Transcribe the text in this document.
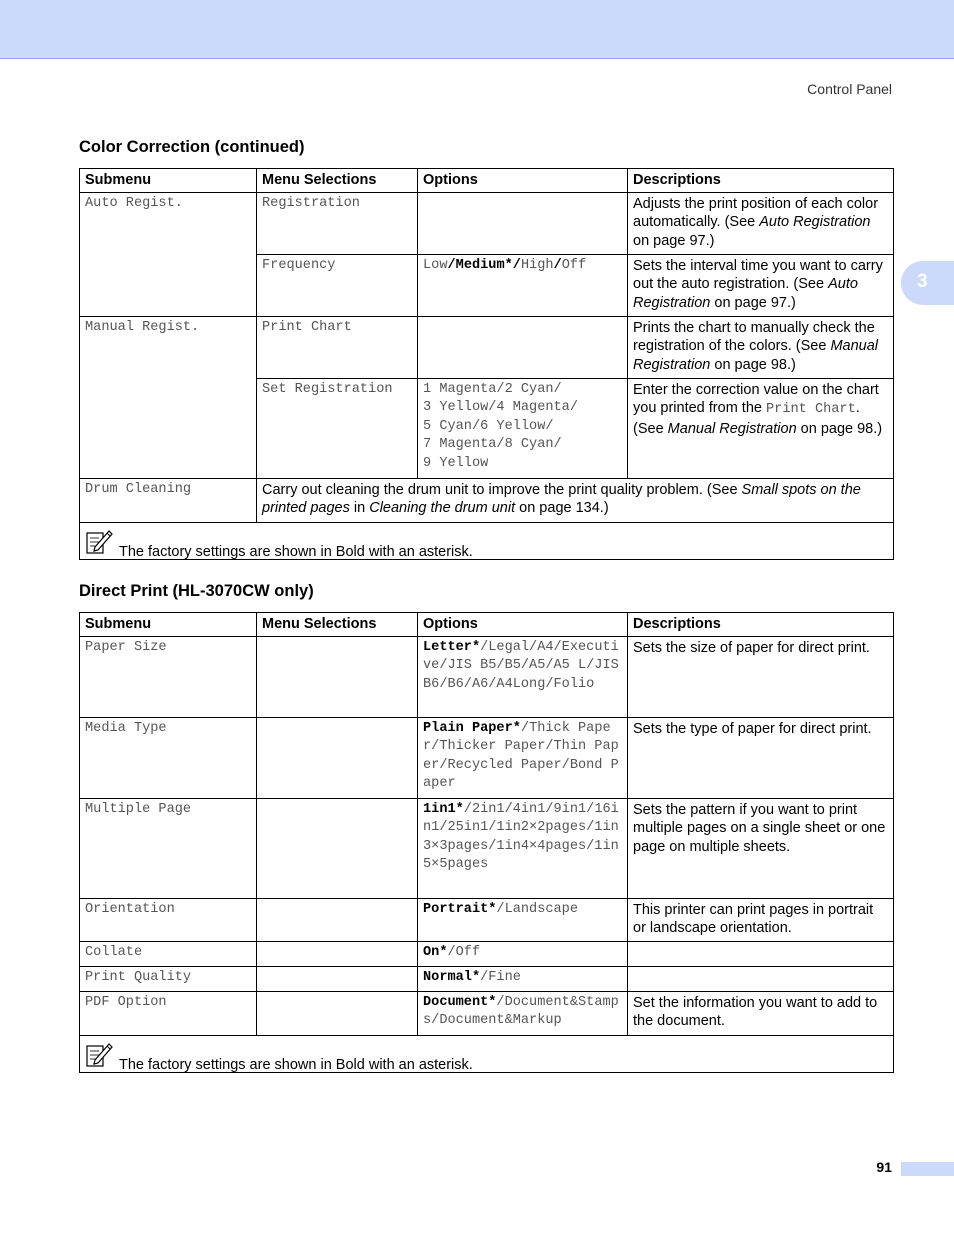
Control Panel
3
Color Correction (continued)
Submenu	Menu Selections	Options	Descriptions
Auto Regist.	Registration		Adjusts the print position of each color automatically. (See Auto Registration on page 97.)
	Frequency	Low/Medium*/High/Off	Sets the interval time you want to carry out the auto registration. (See Auto Registration on page 97.)
Manual Regist.	Print Chart		Prints the chart to manually check the registration of the colors. (See Manual Registration on page 98.)
	Set Registration	1 Magenta/2 Cyan/
3 Yellow/4 Magenta/
5 Cyan/6 Yellow/
7 Magenta/8 Cyan/
9 Yellow	Enter the correction value on the chart you printed from the Print Chart. (See Manual Registration on page 98.)
Drum Cleaning	Carry out cleaning the drum unit to improve the print quality problem. (See Small spots on the printed pages in Cleaning the drum unit on page 134.)		

The factory settings are shown in Bold with an asterisk.			
Direct Print (HL-3070CW only)
Submenu	Menu Selections	Options	Descriptions
Paper Size		Letter*/Legal/A4/Executive/JIS B5/B5/A5/A5 L/JIS B6/B6/A6/A4Long/Folio	Sets the size of paper for direct print.
Media Type		Plain Paper*/Thick Paper/Thicker Paper/Thin Paper/Recycled Paper/Bond Paper	Sets the type of paper for direct print.
Multiple Page		1in1*/2in1/4in1/9in1/16in1/25in1/1in2×2pages/1in3×3pages/1in4×4pages/1in5×5pages	Sets the pattern if you want to print multiple pages on a single sheet or one page on multiple sheets.
Orientation		Portrait*/Landscape	This printer can print pages in portrait or landscape orientation.
Collate		On*/Off	
Print Quality		Normal*/Fine	
PDF Option		Document*/Document&Stamps/Document&Markup	Set the information you want to add to the document.

The factory settings are shown in Bold with an asterisk.			
91
